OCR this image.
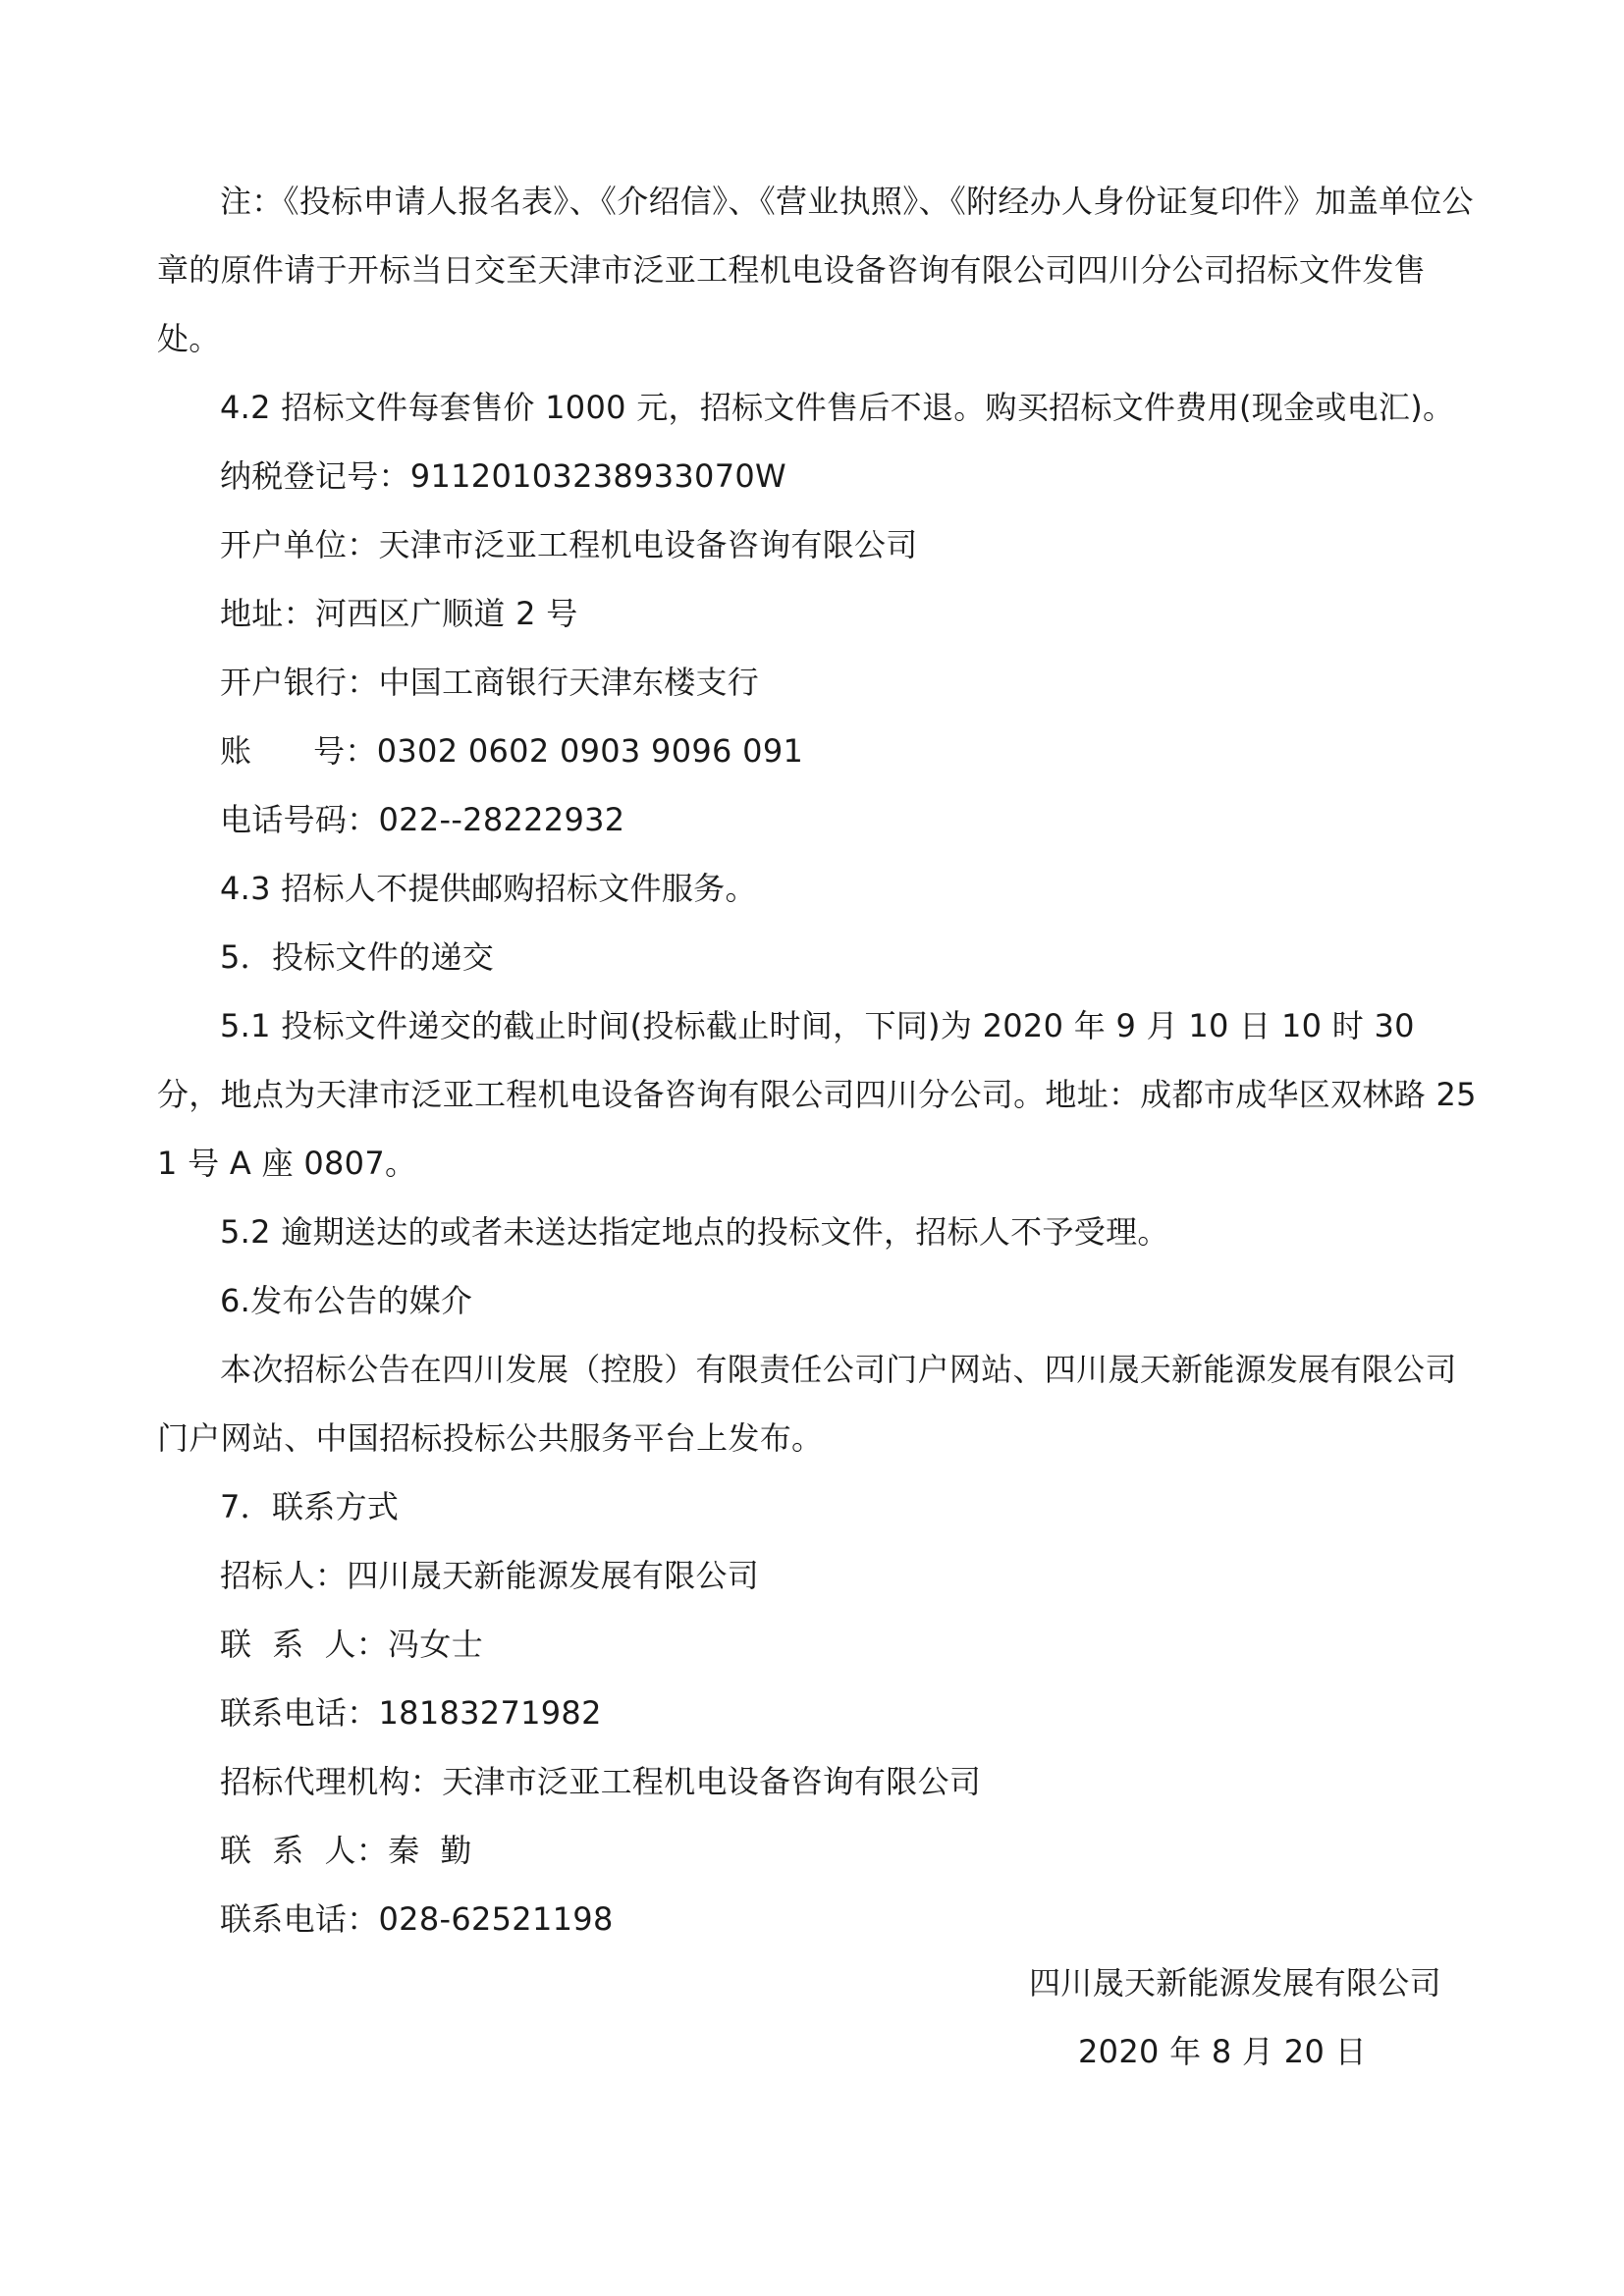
注：《投标申请人报名表》、《介绍信》、《营业执照》、《附经办人身份证复印件》加盖单位公章的原件请于开标当日交至天津市泛亚工程机电设备咨询有限公司四川分公司招标文件发售处。

4.2 招标文件每套售价 1000 元，招标文件售后不退。购买招标文件费用(现金或电汇)。

纳税登记号：91120103238933070W

开户单位：天津市泛亚工程机电设备咨询有限公司

地址：河西区广顺道 2 号

开户银行：中国工商银行天津东楼支行

账      号：0302 0602 0903 9096 091

电话号码：022--28222932

4.3 招标人不提供邮购招标文件服务。

5．投标文件的递交

5.1 投标文件递交的截止时间(投标截止时间，下同)为 2020 年 9 月 10 日 10 时 30 分，地点为天津市泛亚工程机电设备咨询有限公司四川分公司。地址：成都市成华区双林路 251 号 A 座 0807。

5.2 逾期送达的或者未送达指定地点的投标文件，招标人不予受理。

6.发布公告的媒介

本次招标公告在四川发展（控股）有限责任公司门户网站、四川晟天新能源发展有限公司门户网站、中国招标投标公共服务平台上发布。

7．联系方式

招标人：四川晟天新能源发展有限公司

联  系  人：冯女士

联系电话：18183271982

招标代理机构：天津市泛亚工程机电设备咨询有限公司

联  系  人：秦  勤

联系电话：028-62521198

四川晟天新能源发展有限公司
2020 年 8 月 20 日
